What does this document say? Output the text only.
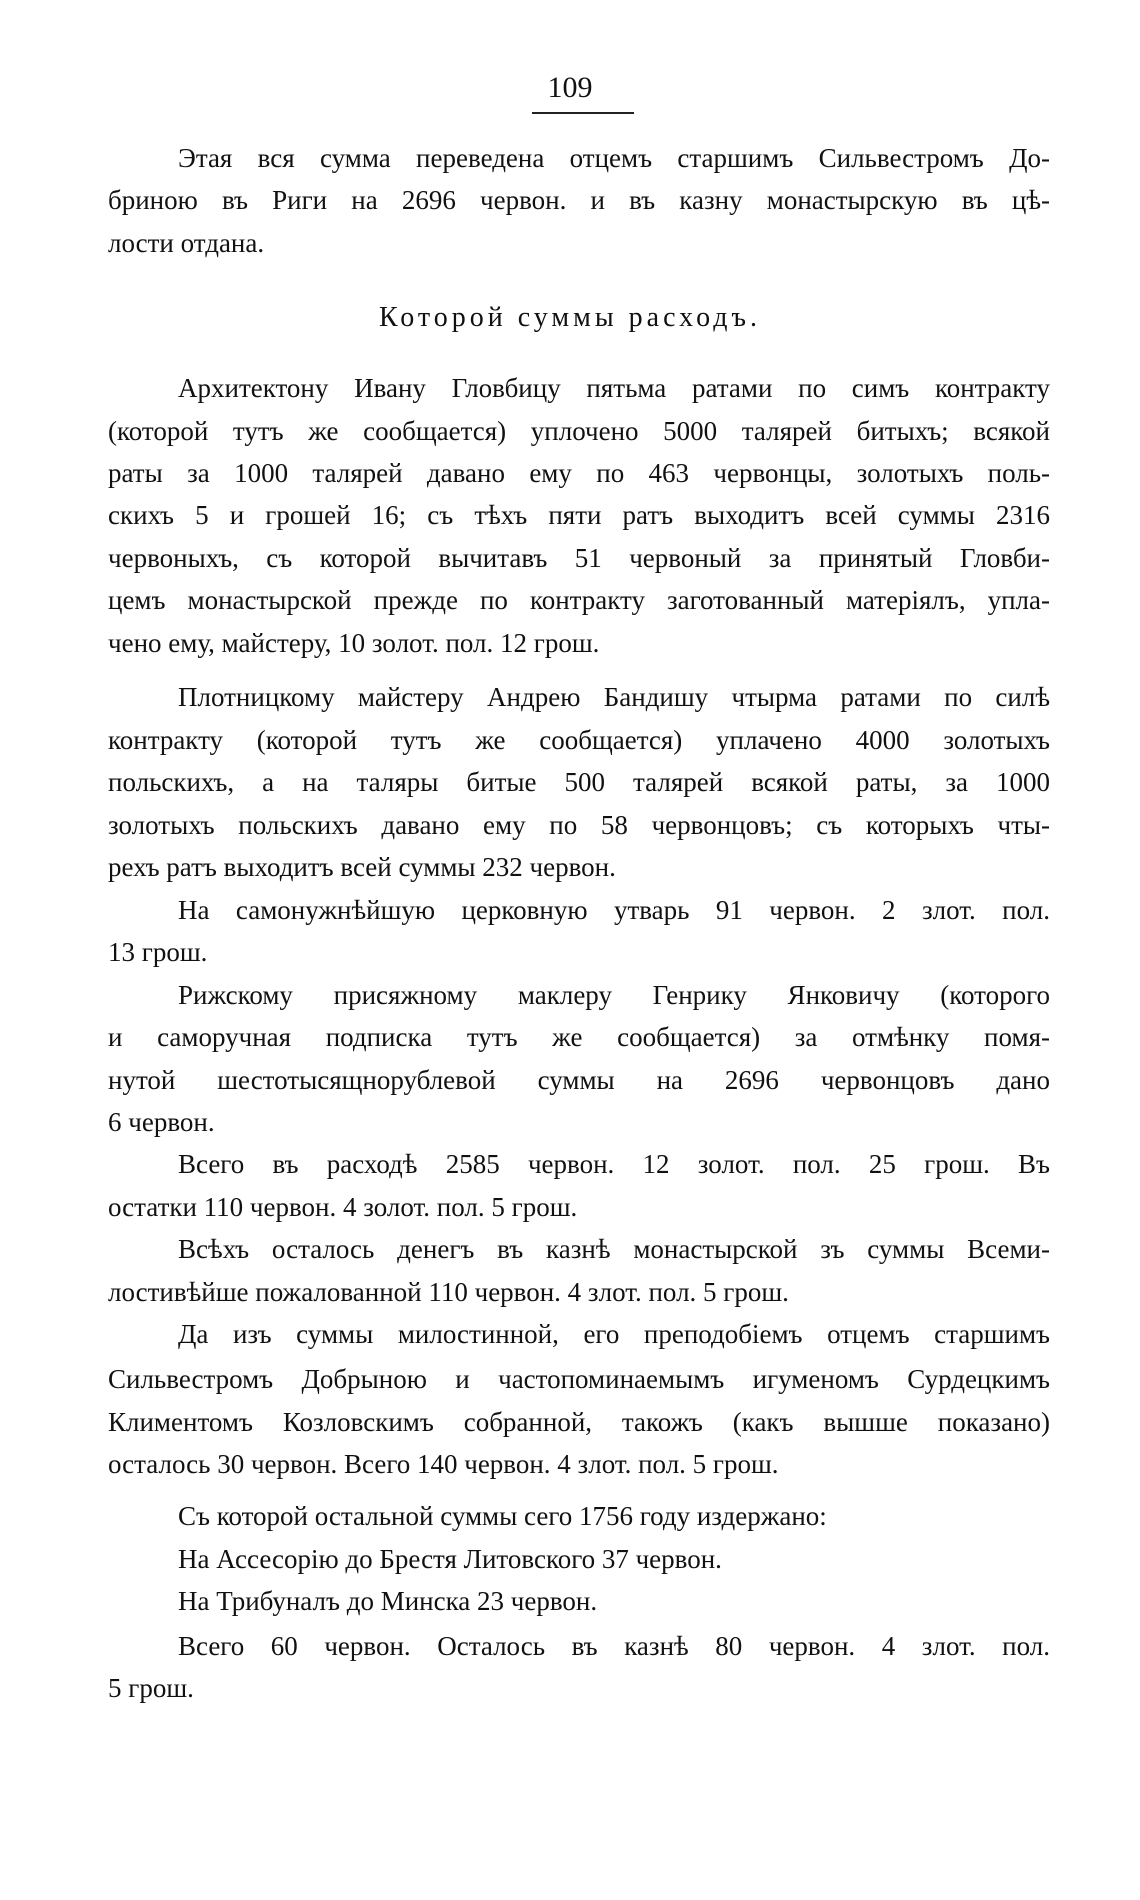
109
Которой суммы расходъ.
Этая вся сумма переведена отцемъ старшимъ Сильвестромъ До-
бриною въ Риги на 2696 червон. и въ казну монастырскую въ цѣ-
лости отдана.
Архитектону Ивану Гловбицу пятьма ратами по симъ контракту
(которой тутъ же сообщается) уплочено 5000 талярей битыхъ; всякой
раты за 1000 талярей давано ему по 463 червонцы, золотыхъ поль-
скихъ 5 и грошей 16; съ тѣхъ пяти ратъ выходитъ всей суммы 2316
червоныхъ, съ которой вычитавъ 51 червоный за принятый Гловби-
цемъ монастырской прежде по контракту заготованный матеріялъ, упла-
чено ему, майстеру, 10 золот. пол. 12 грош.
Плотницкому майстеру Андрею Бандишу чтырма ратами по силѣ
контракту (которой тутъ же сообщается) уплачено 4000 золотыхъ
польскихъ, а на таляры битые 500 талярей всякой раты, за 1000
золотыхъ польскихъ давано ему по 58 червонцовъ; съ которыхъ чты-
рехъ ратъ выходитъ всей суммы 232 червон.
На самонужнѣйшую церковную утварь 91 червон. 2 злот. пол.
13 грош.
Рижскому присяжному маклеру Генрику Янковичу (которого
и саморучная подписка тутъ же сообщается) за отмѣнку помя-
нутой шестотысящнорублевой суммы на 2696 червонцовъ дано
6 червон.
Всего въ расходѣ 2585 червон. 12 золот. пол. 25 грош. Въ
остатки 110 червон. 4 золот. пол. 5 грош.
Всѣхъ осталось денегъ въ казнѣ монастырской зъ суммы Всеми-
лостивѣйше пожалованной 110 червон. 4 злот. пол. 5 грош.
Да изъ суммы милостинной, его преподобіемъ отцемъ старшимъ
Сильвестромъ Добрыною и частопоминаемымъ игуменомъ Сурдецкимъ
Климентомъ Козловскимъ собранной, такожъ (какъ вышше показано)
осталось 30 червон. Всего 140 червон. 4 злот. пол. 5 грош.
Съ которой остальной суммы сего 1756 году издержано:
На Ассесорію до Брестя Литовского 37 червон.
На Трибуналъ до Минска 23 червон.
Всего 60 червон. Осталось въ казнѣ 80 червон. 4 злот. пол.
5 грош.
